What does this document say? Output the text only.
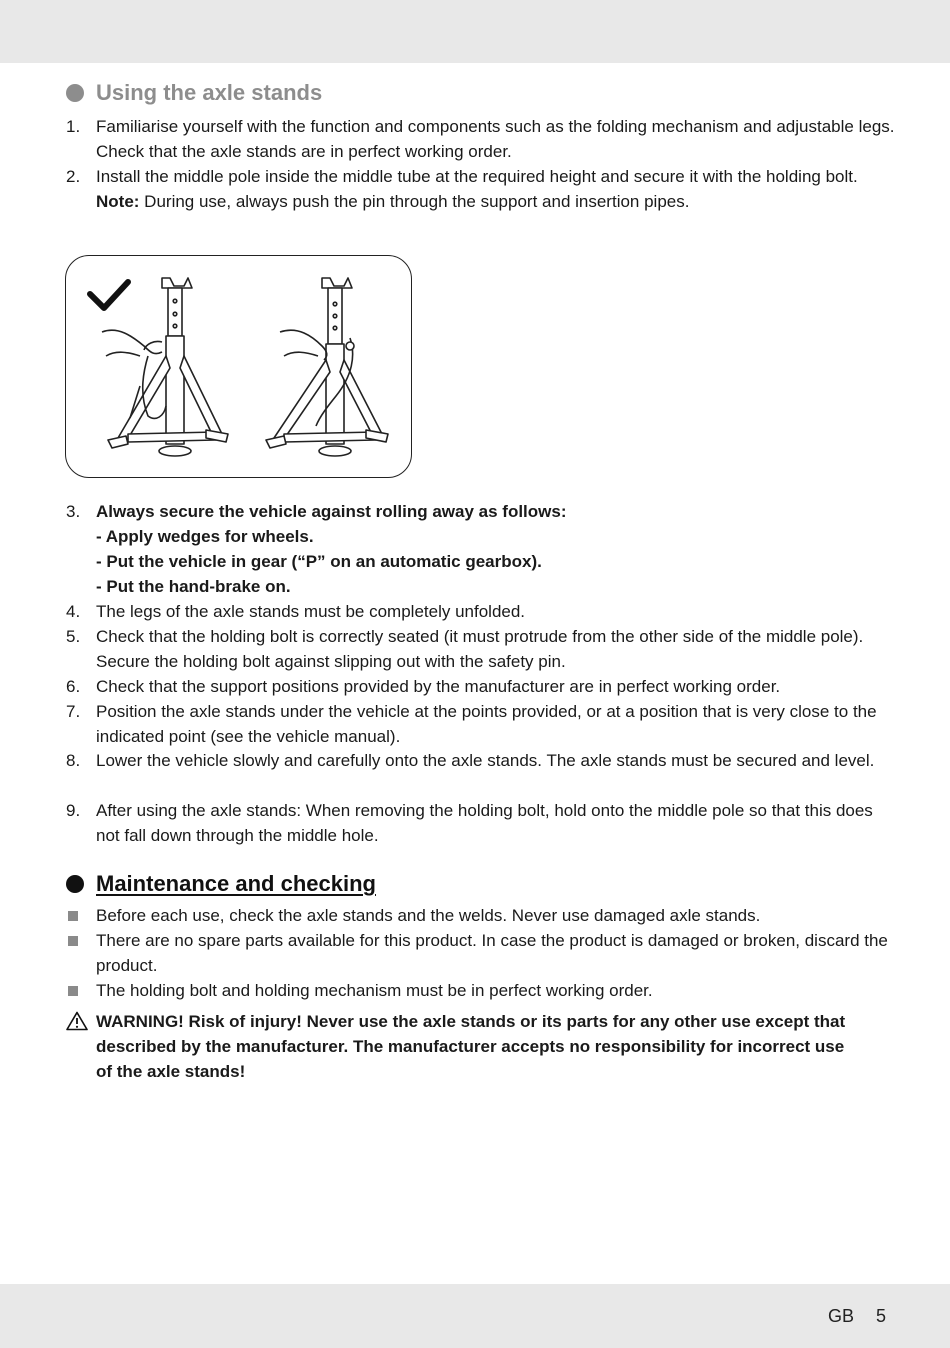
Using the axle stands
1. Familiarise yourself with the function and components such as the folding mechanism and adjustable legs. Check that the axle stands are in perfect working order.
2. Install the middle pole inside the middle tube at the required height and secure it with the holding bolt.
Note: During use, always push the pin through the support and insertion pipes.
3. Always secure the vehicle against rolling away as follows:
- Apply wedges for wheels.
- Put the vehicle in gear (“P” on an automatic gearbox).
- Put the hand-brake on.
4. The legs of the axle stands must be completely unfolded.
5. Check that the holding bolt is correctly seated (it must protrude from the other side of the middle pole). Secure the holding bolt against slipping out with the safety pin.
6. Check that the support positions provided by the manufacturer are in perfect working order.
7. Position the axle stands under the vehicle at the points provided, or at a position that is very close to the indicated point (see the vehicle manual).
8. Lower the vehicle slowly and carefully onto the axle stands. The axle stands must be secured and level.
9. After using the axle stands: When removing the holding bolt, hold onto the middle pole so that this does not fall down through the middle hole.
Maintenance and checking
Before each use, check the axle stands and the welds. Never use damaged axle stands.
There are no spare parts available for this product. In case the product is damaged or broken, discard the product.
The holding bolt and holding mechanism must be in perfect working order.
WARNING! Risk of injury! Never use the axle stands or its parts for any other use except that described by the manufacturer. The manufacturer accepts no responsibility for incorrect use of the axle stands!
GB 5
